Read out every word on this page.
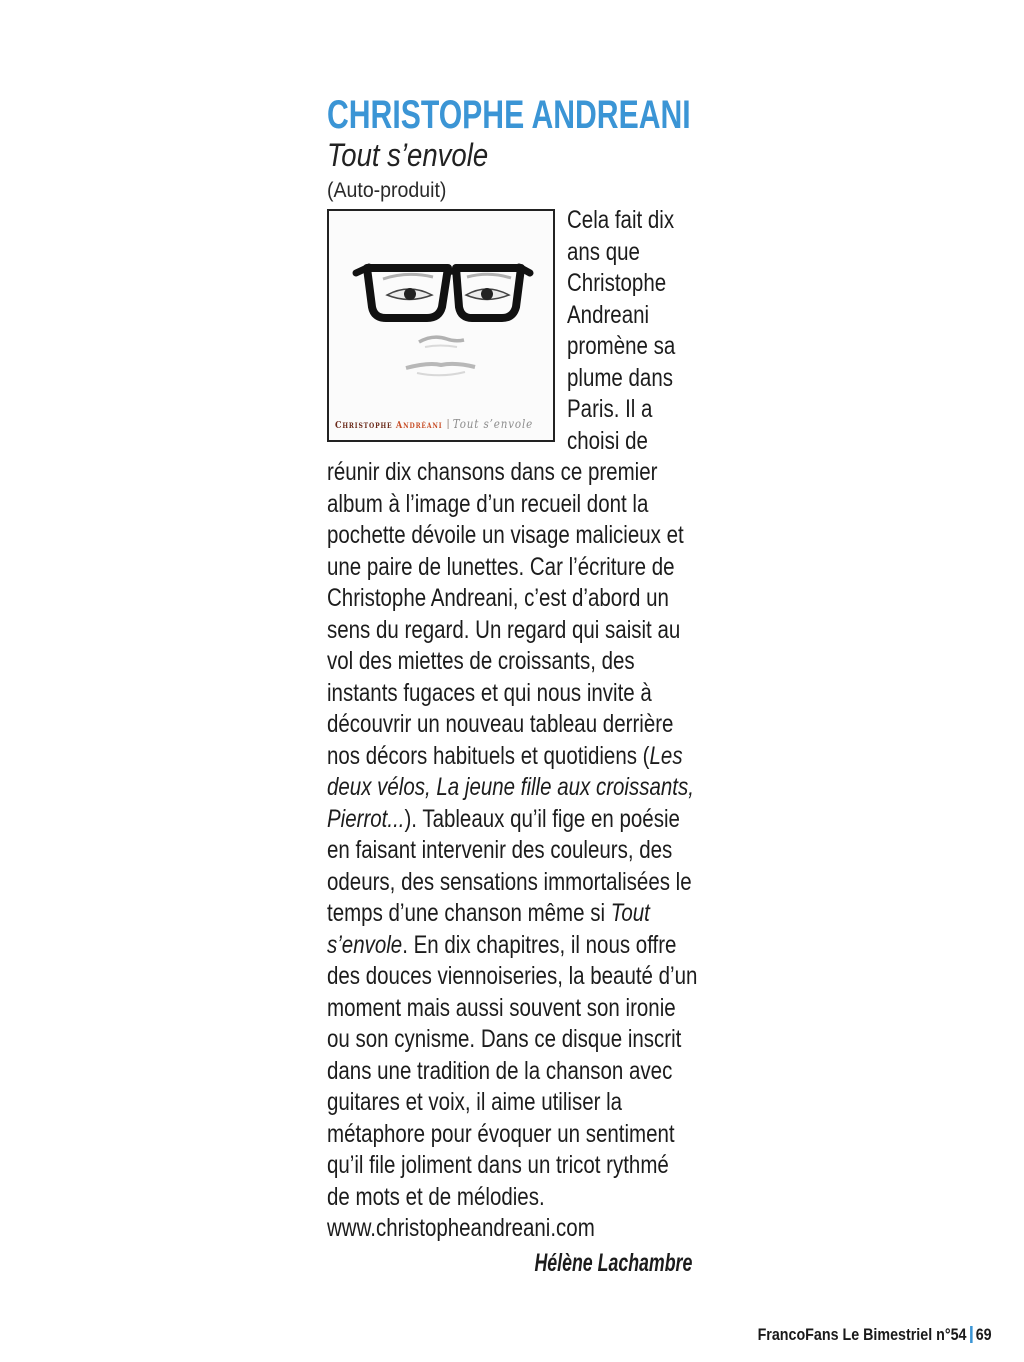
CHRISTOPHE ANDREANI
Tout s’envole
(Auto-produit)
Christophe Andréani Tout s’envole
Cela fait dix
ans que
Christophe
Andreani
promène sa
plume dans
Paris. Il a
choisi de
réunir dix chansons dans ce premier
album à l’image d’un recueil dont la
pochette dévoile un visage malicieux et
une paire de lunettes. Car l’écriture de
Christophe Andreani, c’est d’abord un
sens du regard. Un regard qui saisit au
vol des miettes de croissants, des
instants fugaces et qui nous invite à
découvrir un nouveau tableau derrière
nos décors habituels et quotidiens (Les
deux vélos, La jeune fille aux croissants,
Pierrot...). Tableaux qu’il fige en poésie
en faisant intervenir des couleurs, des
odeurs, des sensations immortalisées le
temps d’une chanson même si Tout
s’envole. En dix chapitres, il nous offre
des douces viennoiseries, la beauté d’un
moment mais aussi souvent son ironie
ou son cynisme. Dans ce disque inscrit
dans une tradition de la chanson avec
guitares et voix, il aime utiliser la
métaphore pour évoquer un sentiment
qu’il file joliment dans un tricot rythmé
de mots et de mélodies.
www.christopheandreani.com
Hélène Lachambre
FrancoFans Le Bimestriel n°54 69
